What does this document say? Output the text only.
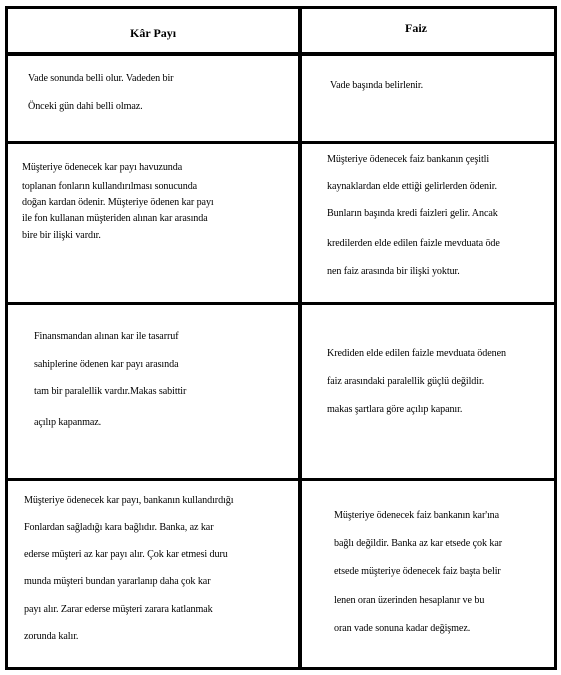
Kâr Payı	Faiz
Vade sonunda belli olur. Vadeden bir
Önceki gün dahi belli olmaz.
Vade başında belirlenir.
Müşteriye ödenecek kar payı havuzunda
toplanan fonların kullandırılması sonucunda
doğan kardan ödenir. Müşteriye ödenen kar payı
ile fon kullanan müşteriden alınan kar arasında
bire bir ilişki vardır.
Müşteriye ödenecek faiz bankanın çeşitli
kaynaklardan elde ettiği gelirlerden ödenir.
Bunların başında kredi faizleri gelir. Ancak
kredilerden elde edilen faizle mevduata öde
nen faiz arasında bir ilişki yoktur.
Finansmandan alınan kar ile tasarruf
sahiplerine ödenen kar payı arasında
tam bir paralellik vardır.Makas sabittir
açılıp kapanmaz.
Krediden elde edilen faizle mevduata ödenen
faiz arasındaki paralellik güçlü değildir.
makas şartlara göre açılıp kapanır.
Müşteriye ödenecek kar payı, bankanın kullandırdığı
Fonlardan sağladığı kara bağlıdır. Banka, az kar
ederse müşteri az kar payı alır. Çok kar etmesi duru
munda müşteri bundan yararlanıp daha çok kar
payı alır. Zarar ederse müşteri zarara katlanmak
zorunda kalır.
Müşteriye ödenecek faiz bankanın kar'ına
bağlı değildir. Banka az kar etsede çok kar
etsede müşteriye ödenecek faiz başta belir
lenen oran üzerinden hesaplanır ve bu
oran vade sonuna kadar değişmez.
